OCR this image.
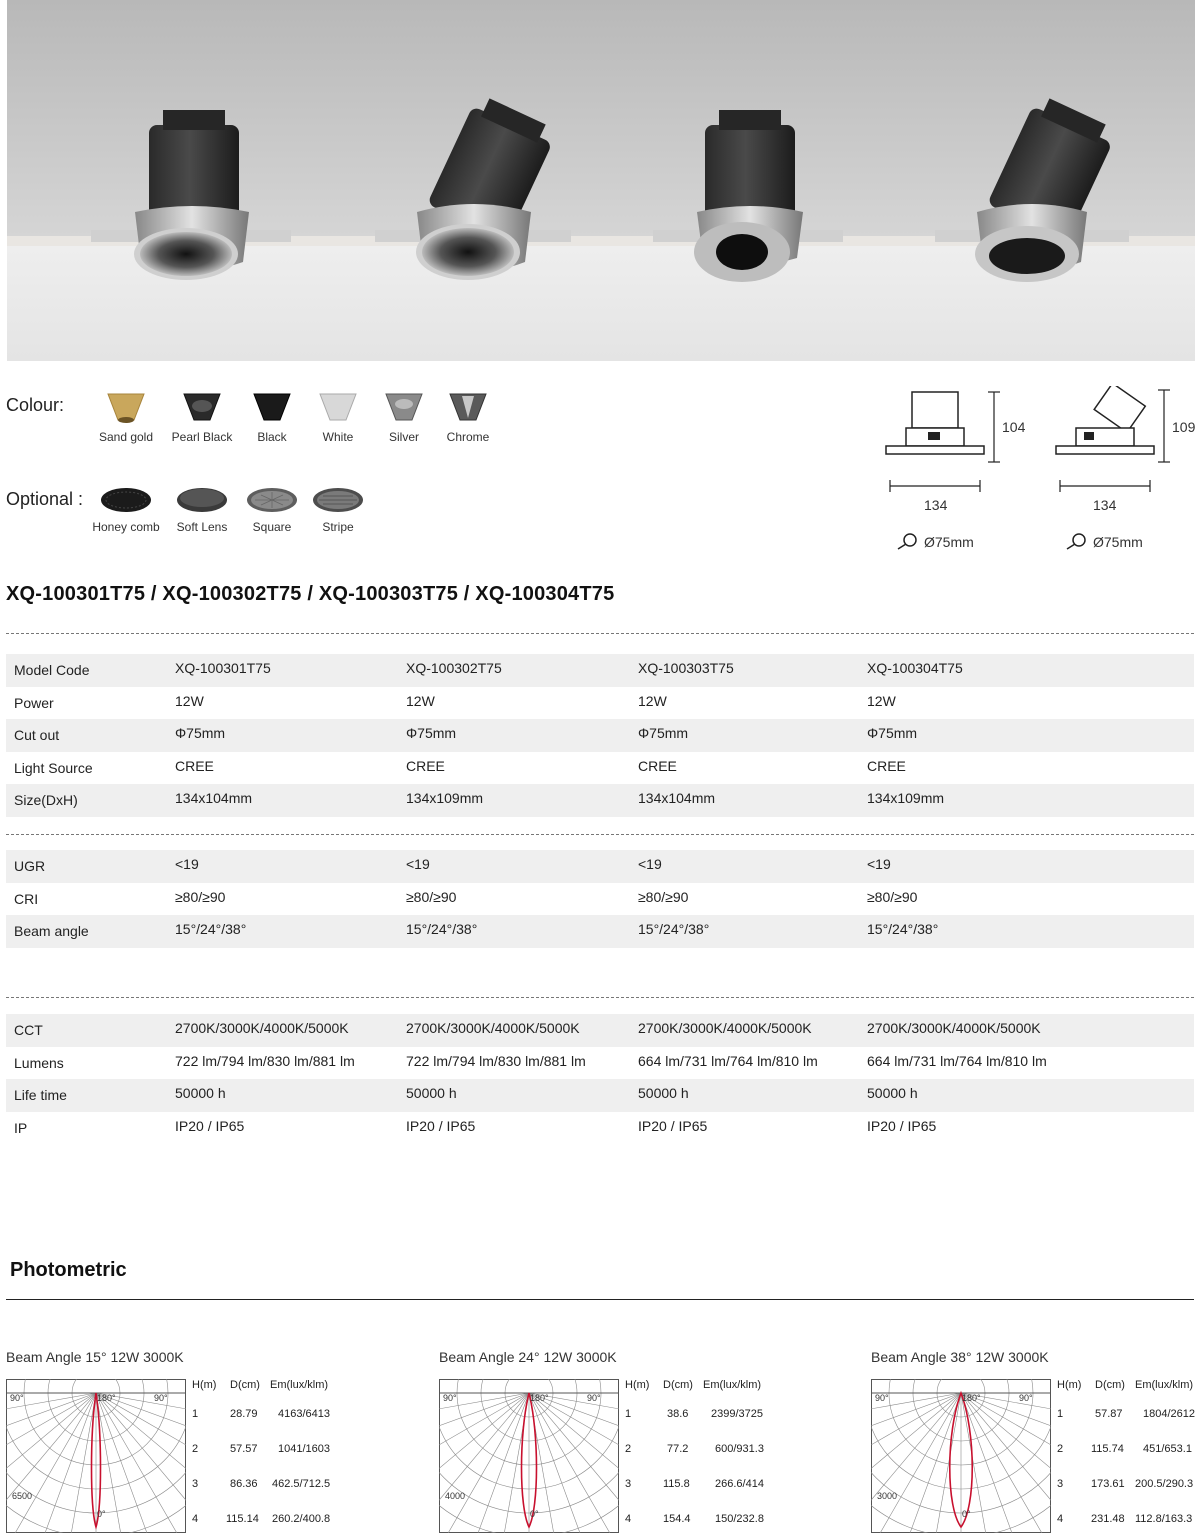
Colour:
Sand gold	Pearl Black	Black	White	Silver	Chrome
Optional :
Honey comb	Soft Lens	Square	Stripe
104
134
Ø75mm
109
134
Ø75mm
XQ-100301T75 / XQ-100302T75 / XQ-100303T75 / XQ-100304T75
Model Code	XQ-100301T75	XQ-100302T75	XQ-100303T75	XQ-100304T75
Power	12W	12W	12W	12W
Cut out	Φ75mm	Φ75mm	Φ75mm	Φ75mm
Light Source	CREE	CREE	CREE	CREE
Size(DxH)	134x104mm	134x109mm	134x104mm	134x109mm
UGR	<19	<19	<19	<19
CRI	≥80/≥90	≥80/≥90	≥80/≥90	≥80/≥90
Beam angle	15°/24°/38°	15°/24°/38°	15°/24°/38°	15°/24°/38°
CCT	2700K/3000K/4000K/5000K	2700K/3000K/4000K/5000K	2700K/3000K/4000K/5000K	2700K/3000K/4000K/5000K
Lumens	722 lm/794 lm/830 lm/881 lm	722 lm/794 lm/830 lm/881 lm	664 lm/731 lm/764 lm/810 lm	664 lm/731 lm/764 lm/810 lm
Life time	50000 h	50000 h	50000 h	50000 h
IP	IP20 / IP65	IP20 / IP65	IP20 / IP65	IP20 / IP65
Photometric
Beam Angle 15° 12W 3000K
90°	90°
180°
0°
6500
H(m) D(cm) Em(lux/klm)
1	28.79 4163/6413
2	57.57 1041/1603
3	86.36 462.5/712.5
4	115.14 260.2/400.8
Beam Angle 24° 12W 3000K
90°	90°
180°
0°
4000
H(m) D(cm) Em(lux/klm)
1	38.6 2399/3725
2	77.2 600/931.3
3	115.8 266.6/414
4	154.4 150/232.8
Beam Angle 38° 12W 3000K
90°	90°
180°
0°
3000
H(m) D(cm) Em(lux/klm)
1	57.87 1804/2612
2	115.74 451/653.1
3	173.61 200.5/290.3
4	231.48 112.8/163.3
